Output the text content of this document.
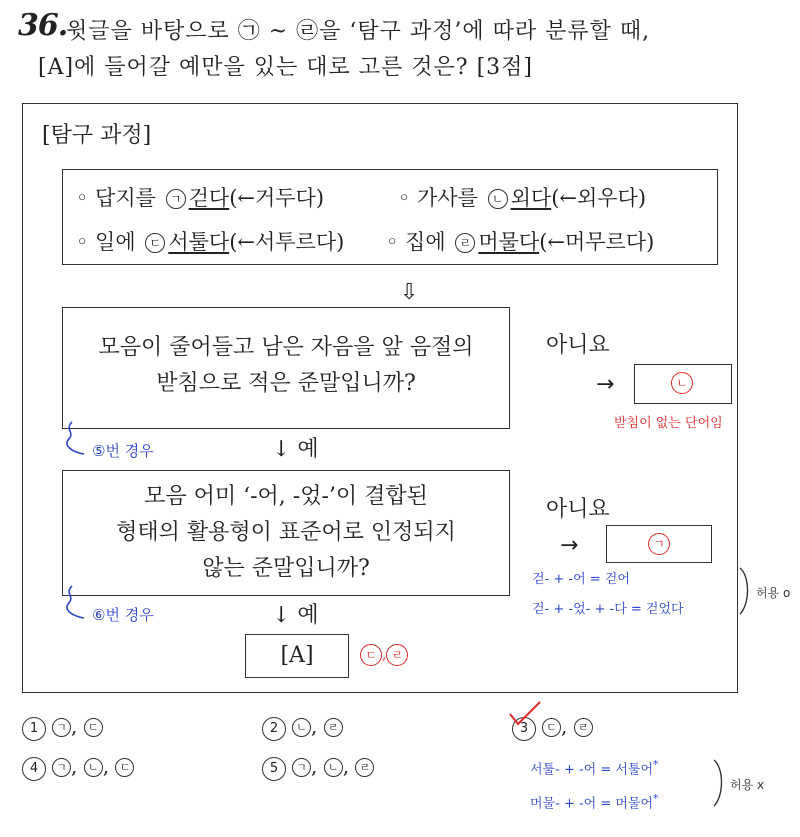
36.
윗글을 바탕으로 ㉠ ~ ㉣을 ‘탐구 과정’에 따라 분류할 때,
[A]에 들어갈 예만을 있는 대로 고른 것은? [3점]
[탐구 과정]
◦ 답지를 ㄱ 걷다(←거두다)	◦ 가사를 ㄴ 외다(←외우다)
◦ 일에 ㄷ 서툴다(←서투르다) ◦ 집에 ㄹ 머물다(←머무르다)
⇩
모음이 줄어들고 남은 자음을 앞 음절의
받침으로 적은 준말입니까?
아니요
→	ㄴ
받침이 없는 단어임
⑤번 경우	↓ 예
모음 어미 ‘-어, -었-’이 결합된
형태의 활용형이 표준어로 인정되지
않는 준말입니까?
아니요
→	ㄱ
걷- + -어 = 걷어
걷- + -었- + -다 = 걷었다
허용 o
⑥번 경우	↓ 예
[A]	ㄷ , ㄹ
1 ㄱ , ㄷ	2 ㄴ , ㄹ	3 ㄷ , ㄹ
4 ㄱ , ㄴ , ㄷ	5 ㄱ , ㄴ , ㄹ	서툴- + -어 = 서툴어*
머물- + -어 = 머물어*
허용 x
